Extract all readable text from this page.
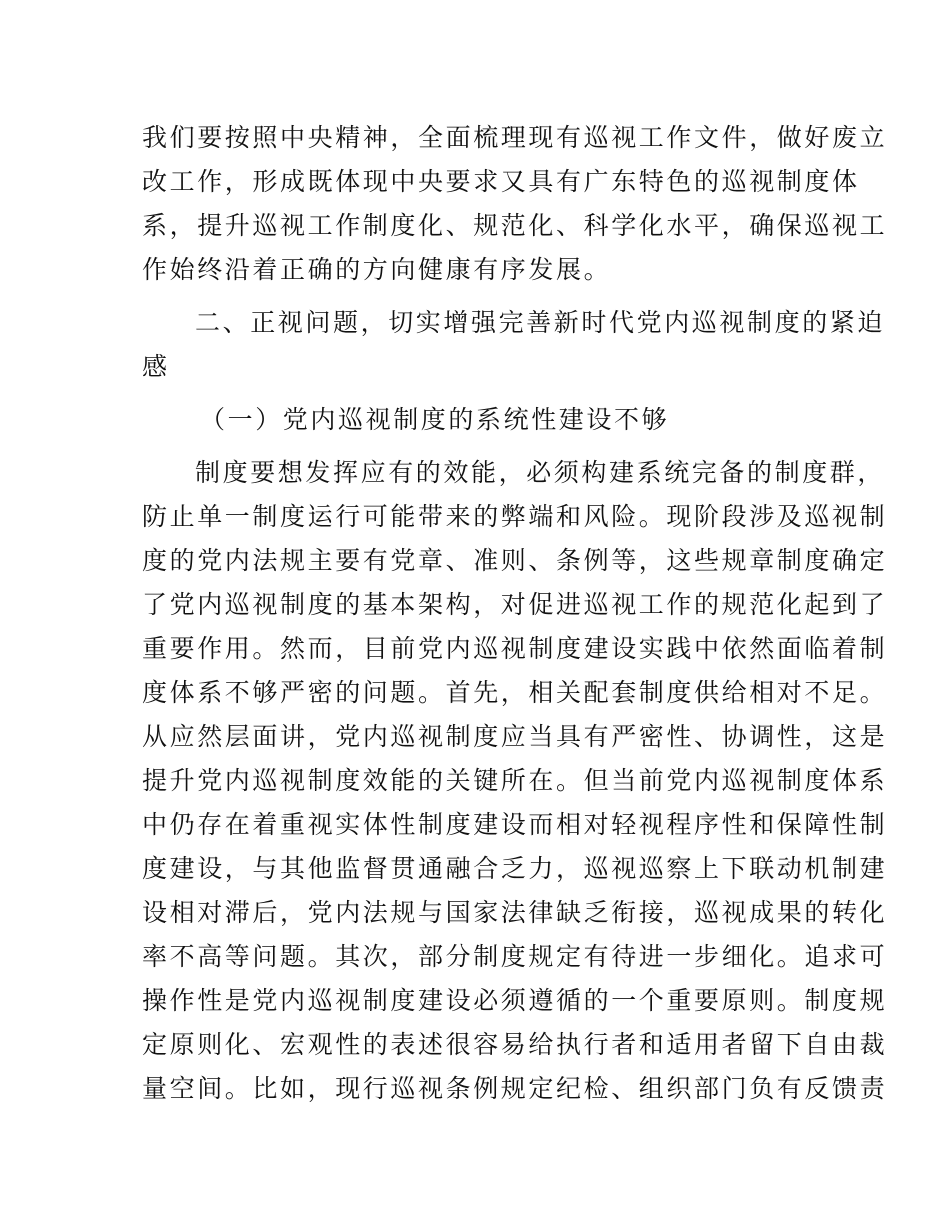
我们要按照中央精神，全面梳理现有巡视工作文件，做好废立
改工作，形成既体现中央要求又具有广东特色的巡视制度体
系，提升巡视工作制度化、规范化、科学化水平，确保巡视工
作始终沿着正确的方向健康有序发展。
二、正视问题，切实增强完善新时代党内巡视制度的紧迫
感
（一）党内巡视制度的系统性建设不够
制度要想发挥应有的效能，必须构建系统完备的制度群，
防止单一制度运行可能带来的弊端和风险。现阶段涉及巡视制
度的党内法规主要有党章、准则、条例等，这些规章制度确定
了党内巡视制度的基本架构，对促进巡视工作的规范化起到了
重要作用。然而，目前党内巡视制度建设实践中依然面临着制
度体系不够严密的问题。首先，相关配套制度供给相对不足。
从应然层面讲，党内巡视制度应当具有严密性、协调性，这是
提升党内巡视制度效能的关键所在。但当前党内巡视制度体系
中仍存在着重视实体性制度建设而相对轻视程序性和保障性制
度建设，与其他监督贯通融合乏力，巡视巡察上下联动机制建
设相对滞后，党内法规与国家法律缺乏衔接，巡视成果的转化
率不高等问题。其次，部分制度规定有待进一步细化。追求可
操作性是党内巡视制度建设必须遵循的一个重要原则。制度规
定原则化、宏观性的表述很容易给执行者和适用者留下自由裁
量空间。比如，现行巡视条例规定纪检、组织部门负有反馈责
